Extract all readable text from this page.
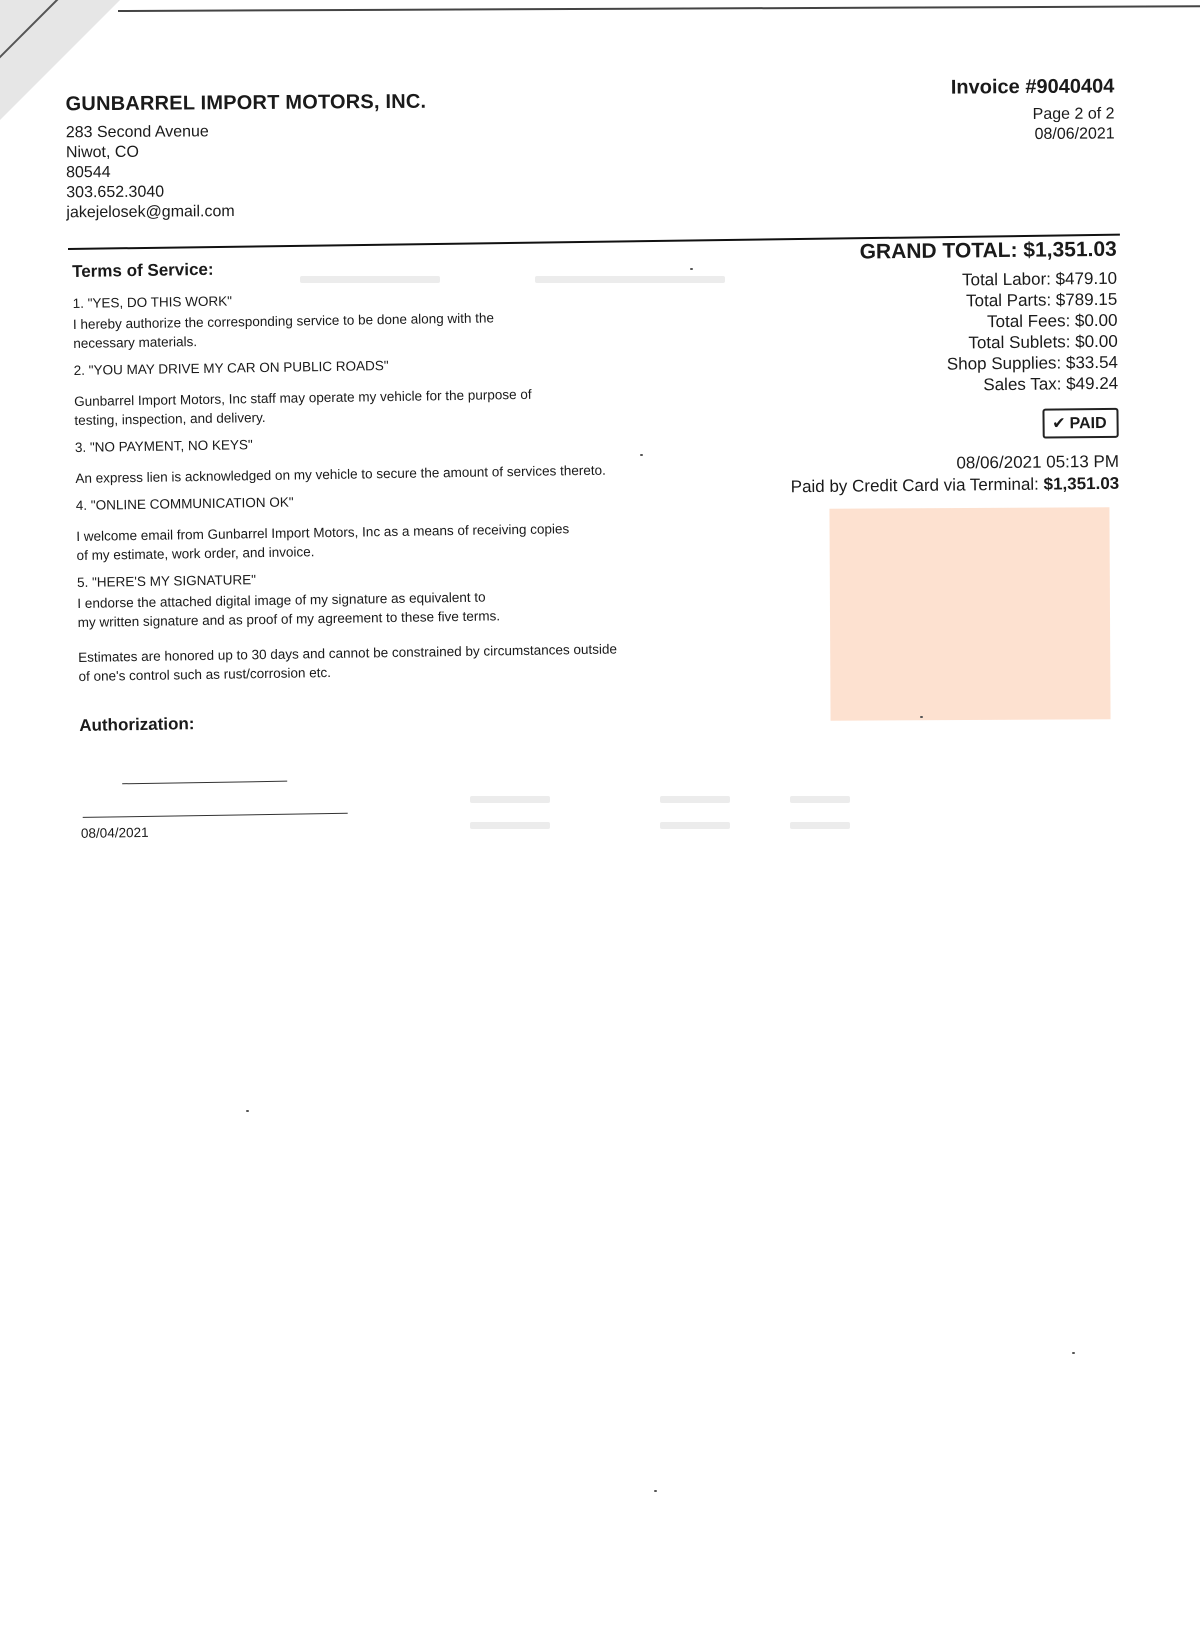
GUNBARREL IMPORT MOTORS, INC.
283 Second Avenue
Niwot, CO
80544
303.652.3040
jakejelosek@gmail.com
Invoice #9040404
Page 2 of 2
08/06/2021
Terms of Service:
1. "YES, DO THIS WORK"
I hereby authorize the corresponding service to be done along with the
necessary materials.
2. "YOU MAY DRIVE MY CAR ON PUBLIC ROADS"
Gunbarrel Import Motors, Inc staff may operate my vehicle for the purpose of
testing, inspection, and delivery.
3. "NO PAYMENT, NO KEYS"
An express lien is acknowledged on my vehicle to secure the amount of services thereto.
4. "ONLINE COMMUNICATION OK"
I welcome email from Gunbarrel Import Motors, Inc as a means of receiving copies
of my estimate, work order, and invoice.
5. "HERE'S MY SIGNATURE"
I endorse the attached digital image of my signature as equivalent to
my written signature and as proof of my agreement to these five terms.
Estimates are honored up to 30 days and cannot be constrained by circumstances outside
of one's control such as rust/corrosion etc.
Authorization:
08/04/2021
GRAND TOTAL: $1,351.03
Total Labor: $479.10
Total Parts: $789.15
Total Fees: $0.00
Total Sublets: $0.00
Shop Supplies: $33.54
Sales Tax: $49.24
✔ PAID
08/06/2021 05:13 PM
Paid by Credit Card via Terminal: $1,351.03
